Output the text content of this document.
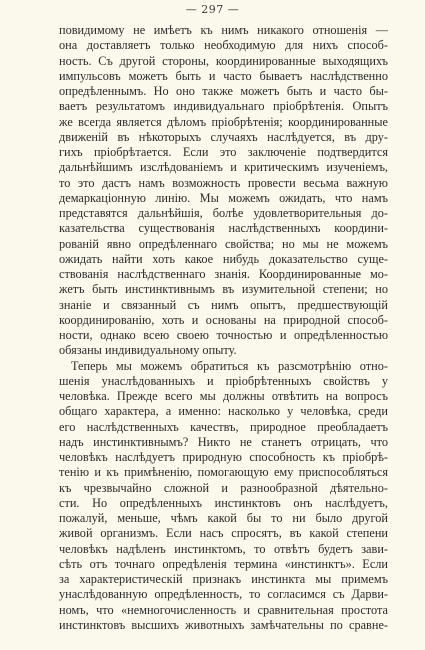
— 297 —
повидимому не имѣетъ къ нимъ никакого отношенія —
она доставляетъ только необходимую для нихъ способ-
ность. Съ другой стороны, координированные выходящихъ
импульсовъ можетъ быть и часто бываетъ наслѣдственно
опредѣленнымъ. Но оно также можетъ быть и часто бы-
ваетъ результатомъ индивидуальнаго пріобрѣтенія. Опытъ
же всегда является дѣломъ пріобрѣтенія; координированные
движеній въ нѣкоторыхъ случаяхъ наслѣдуется, въ дру-
гихъ пріобрѣтается. Если это заключеніе подтвердится
дальнѣйшимъ изслѣдованіемъ и критическимъ изученіемъ,
то это дастъ намъ возможность провести весьма важную
демаркаціонную линію. Мы можемъ ожидать, что намъ
представятся дальнѣйшія, болѣе удовлетворительныя до-
казательства существованія наслѣдственныхъ координи-
рованій явно опредѣленнаго свойства; но мы не можемъ
ожидать найти хоть какое нибудь доказательство суще-
ствованія наслѣдственнаго знанія. Координированные мо-
жетъ быть инстинктивнымъ въ изумительной степени; но
знаніе и связанный съ нимъ опытъ, предшествующій
координированію, хоть и основаны на природной способ-
ности, однако всею своею точностью и опредѣленностью
обязаны индивидуальному опыту.
Теперь мы можемъ обратиться къ разсмотрѣнію отно-
шенія унаслѣдованныхъ и пріобрѣтенныхъ свойствъ у
человѣка. Прежде всего мы должны отвѣтить на вопросъ
общаго характера, а именно: насколько у человѣка, среди
его наслѣдственныхъ качествъ, природное преобладаетъ
надъ инстинктивнымъ? Никто не станетъ отрицать, что
человѣкъ наслѣдуетъ природную способность къ пріобрѣ-
тенію и къ примѣненію, помогающую ему приспособляться
къ чрезвычайно сложной и разнообразной дѣятельно-
сти. Но опредѣленныхъ инстинктовъ онъ наслѣдуетъ,
пожалуй, меньше, чѣмъ какой бы то ни было другой
живой организмъ. Если насъ спросятъ, въ какой степени
человѣкъ надѣленъ инстинктомъ, то отвѣтъ будетъ зави-
сѣть отъ точнаго опредѣленія термина «инстинктъ». Если
за характеристическій признакъ инстинкта мы примемъ
унаслѣдованную опредѣленность, то согласимся съ Дарви-
номъ, что «немногочисленность и сравнительная простота
инстинктовъ высшихъ животныхъ замѣчательны по сравне-
